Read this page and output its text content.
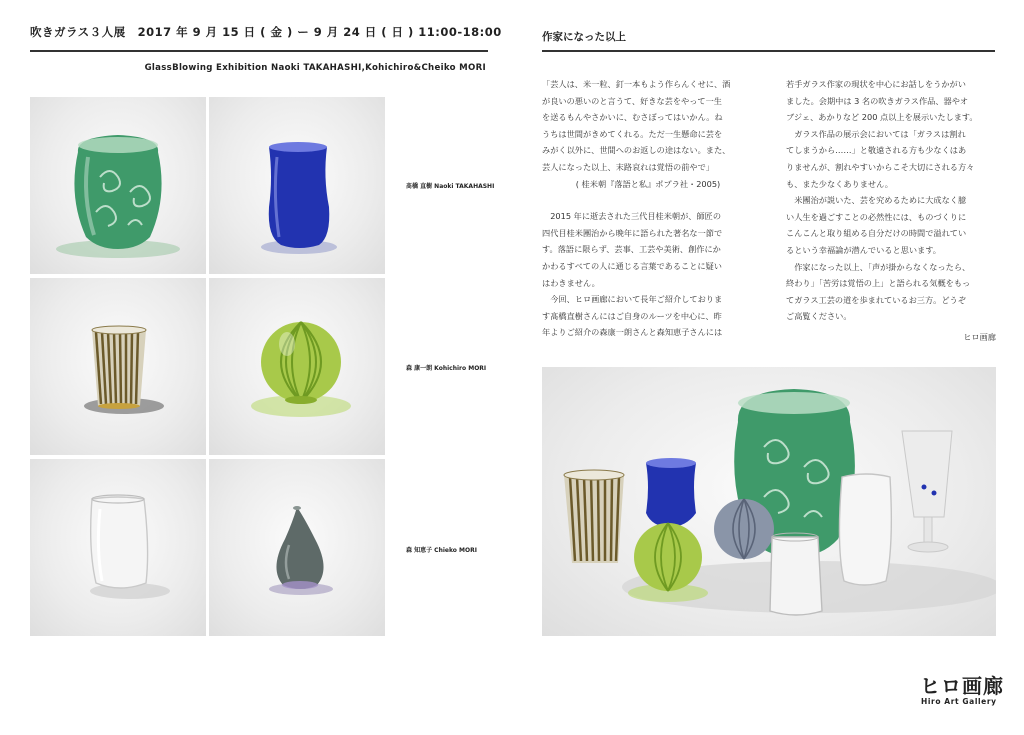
吹きガラス３人展　2017 年 9 月 15 日 ( 金 ) ー 9 月 24 日 ( 日 ) 11:00-18:00
GlassBlowing Exhibition Naoki TAKAHASHI,Kohichiro&Cheiko MORI
髙橋 直樹 Naoki TAKAHASHI
森 康一朗 Kohichiro MORI
森 知恵子 Chieko MORI
作家になった以上

「芸人は、米一粒、釘一本もよう作らんくせに、酒

が良いの悪いのと言うて、好きな芸をやって一生

を送るもんやさかいに、むさぼってはいかん。ね

うちは世間がきめてくれる。ただ一生懸命に芸を

みがく以外に、世間へのお返しの途はない。また、

芸人になった以上、末路哀れは覚悟の前やで」

( 桂米朝『落語と私』ポプラ社・2005)

2015 年に逝去された三代目桂米朝が、師匠の

四代目桂米團治から晩年に語られた著名な一節で

す。落語に限らず、芸事、工芸や美術、創作にか

かわるすべての人に通じる言葉であることに疑い

はわきません。

今回、ヒロ画廊において長年ご紹介しておりま

す髙橋直樹さんにはご自身のルーツを中心に、昨

年よりご紹介の森康一朗さんと森知恵子さんには

若手ガラス作家の現状を中心にお話しをうかがい

ました。会期中は 3 名の吹きガラス作品、器やオ

ブジェ、あかりなど 200 点以上を展示いたします。

ガラス作品の展示会においては「ガラスは割れ

てしまうから……」と敬遠される方も少なくはあ

りませんが、割れやすいからこそ大切にされる方々

も、また少なくありません。

米團治が説いた、芸を究めるために大成なく臆

い人生を過ごすことの必然性には、ものづくりに

こんこんと取り組める自分だけの時間で溢れてい

るという幸福論が潜んでいると思います。

作家になった以上、「声が掛からなくなったら、

終わり」「苦労は覚悟の上」と語られる気概をもっ

てガラス工芸の道を歩まれているお三方。どうぞ

ご高覧ください。

ヒロ画廊

ヒロ画廊
Hiro Art Gallery
